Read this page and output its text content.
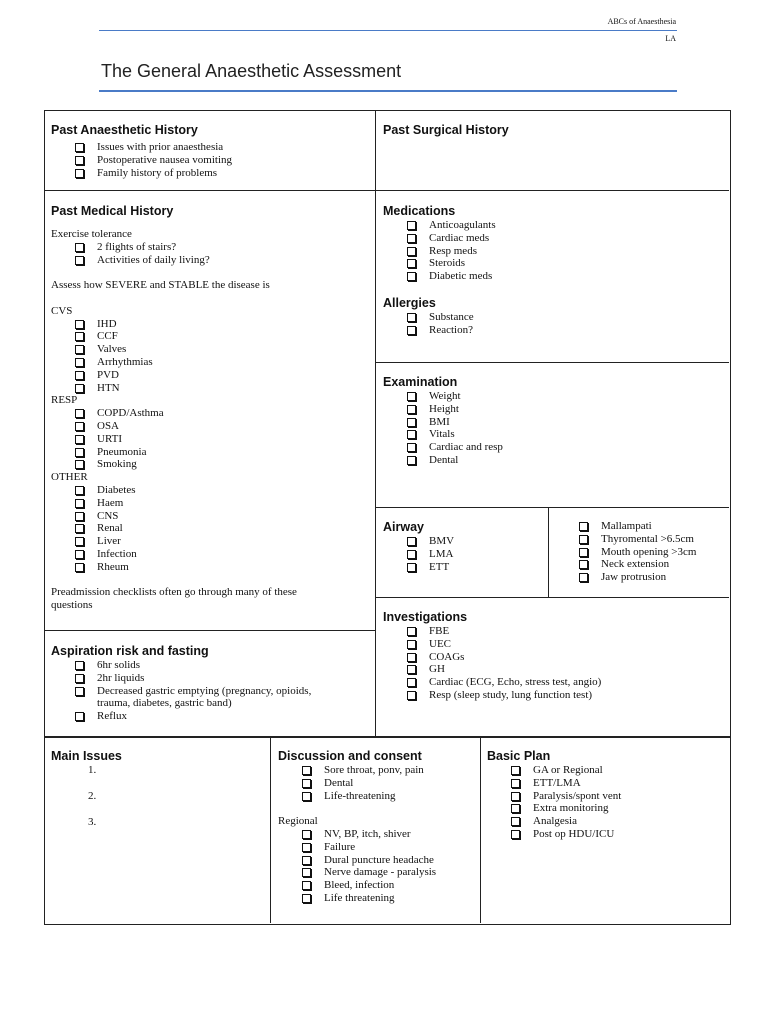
ABCs of Anaesthesia
LA
The General Anaesthetic Assessment
Past Anaesthetic History
Issues with prior anaesthesia
Postoperative nausea vomiting
Family history of problems
Past Surgical History
Past Medical History

Exercise tolerance

2 flights of stairs?
Activities of daily living?

Assess how SEVERE and STABLE the disease is

CVS

IHD
CCF
Valves
Arrhythmias
PVD
HTN

RESP

COPD/Asthma
OSA
URTI
Pneumonia
Smoking

OTHER

Diabetes
Haem
CNS
Renal
Liver
Infection
Rheum

Preadmission checklists often go through many of these questions

Medications
Anticoagulants
Cardiac meds
Resp meds
Steroids
Diabetic meds
Allergies
Substance
Reaction?
Examination
Weight
Height
BMI
Vitals
Cardiac and resp
Dental
Airway
BMV
LMA
ETT
Mallampati
Thyromental >6.5cm
Mouth opening >3cm
Neck extension
Jaw protrusion
Aspiration risk and fasting
6hr solids
2hr liquids
Decreased gastric emptying (pregnancy, opioids, trauma, diabetes, gastric band)
Reflux
Investigations
FBE
UEC
COAGs
GH
Cardiac (ECG, Echo, stress test, angio)
Resp (sleep study, lung function test)
Main Issues
1.
2.
3.	Discussion and consent
Sore throat, ponv, pain
Dental
Life-threatening

Regional

NV, BP, itch, shiver
Failure
Dural puncture headache
Nerve damage - paralysis
Bleed, infection
Life threatening
Basic Plan
GA or Regional
ETT/LMA
Paralysis/spont vent
Extra monitoring
Analgesia
Post op HDU/ICU
